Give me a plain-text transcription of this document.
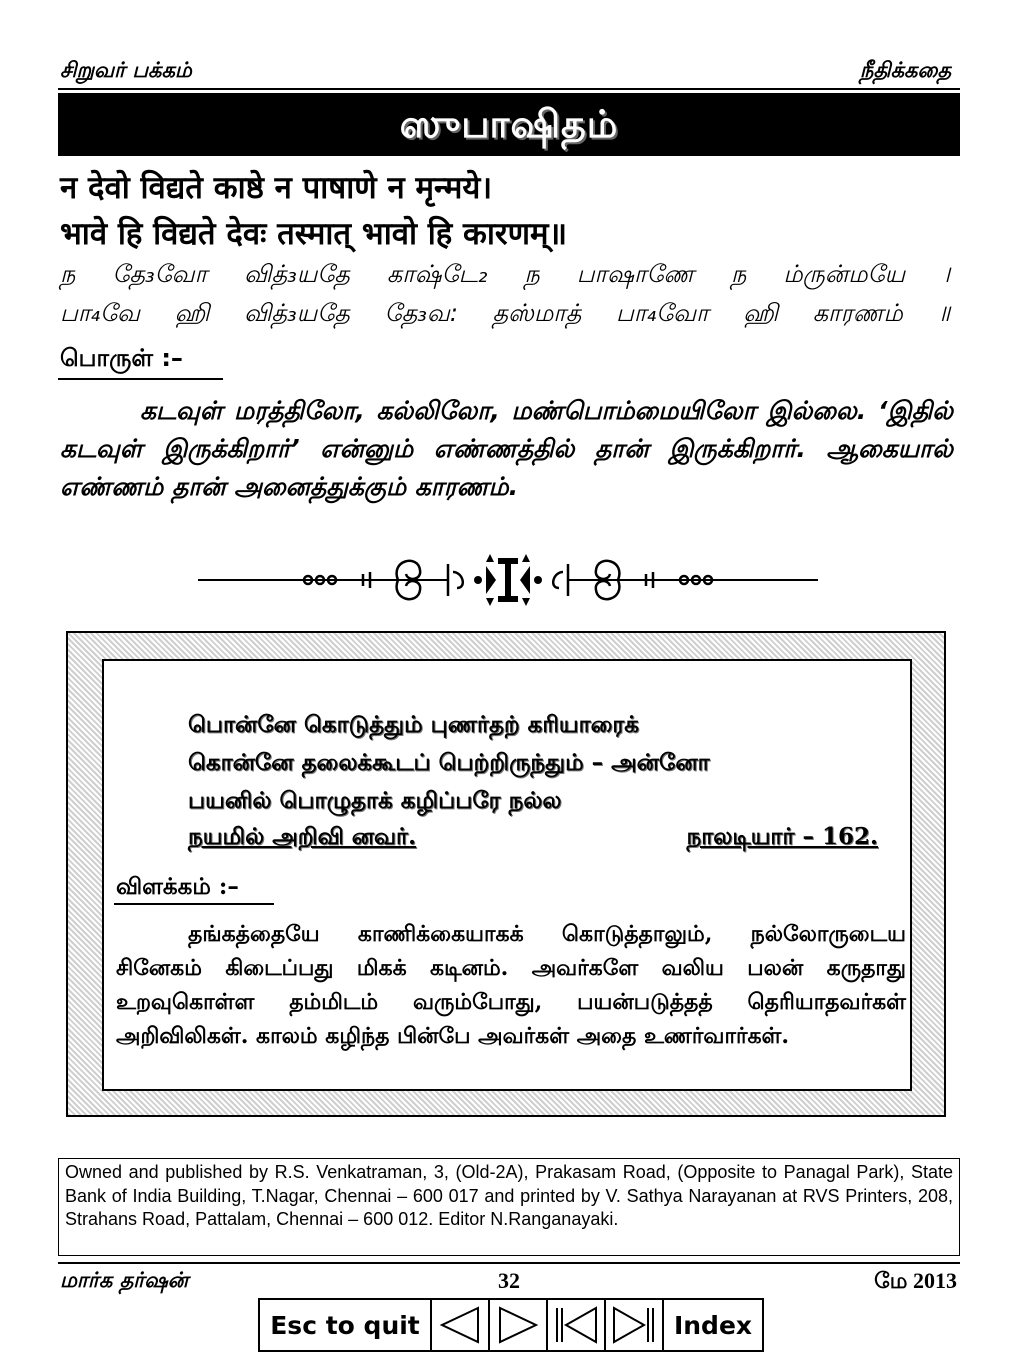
சிறுவர் பக்கம்	நீதிக்கதை
ஸுபாஷிதம்
न देवो विद्यते काष्ठे न पाषाणे न मृन्मये।
भावे हि विद्यते देवः तस्मात् भावो हि कारणम्॥
ந தே₃வோ வித்₃யதே காஷ்டே₂ ந பாஷாணே ந ம்ருன்மயே ।
பா₄வே ஹி வித்₃யதே தே₃வ: தஸ்மாத் பா₄வோ ஹி காரணம் ॥
பொருள் :–
கடவுள் மரத்திலோ, கல்லிலோ, மண்பொம்மையிலோ இல்லை. ‘இதில் கடவுள் இருக்கிறார்’ என்னும் எண்ணத்தில் தான் இருக்கிறார். ஆகையால் எண்ணம் தான் அனைத்துக்கும் காரணம்.
பொன்னே கொடுத்தும் புணர்தற் கரியாரைக்
கொன்னே தலைக்கூடப் பெற்றிருந்தும் – அன்னோ
பயனில் பொழுதாக் கழிப்பரே நல்ல
நயமில் அறிவி னவர்.	நாலடியார் – 162.
விளக்கம் :–
தங்கத்தையே காணிக்கையாகக் கொடுத்தாலும், நல்லோருடைய சினேகம் கிடைப்பது மிகக் கடினம். அவர்களே வலிய பலன் கருதாது உறவுகொள்ள தம்மிடம் வரும்போது, பயன்படுத்தத் தெரியாதவர்கள் அறிவிலிகள். காலம் கழிந்த பின்பே அவர்கள் அதை உணர்வார்கள்.
Owned and published by R.S. Venkatraman, 3, (Old-2A), Prakasam Road, (Opposite to Panagal Park), State Bank of India Building, T.Nagar, Chennai – 600 017 and printed by V. Sathya Narayanan at RVS Printers, 208, Strahans Road, Pattalam, Chennai – 600 012. Editor N.Ranganayaki.
மார்க தர்ஷன்	32	மே 2013
Esc to quit	Index
